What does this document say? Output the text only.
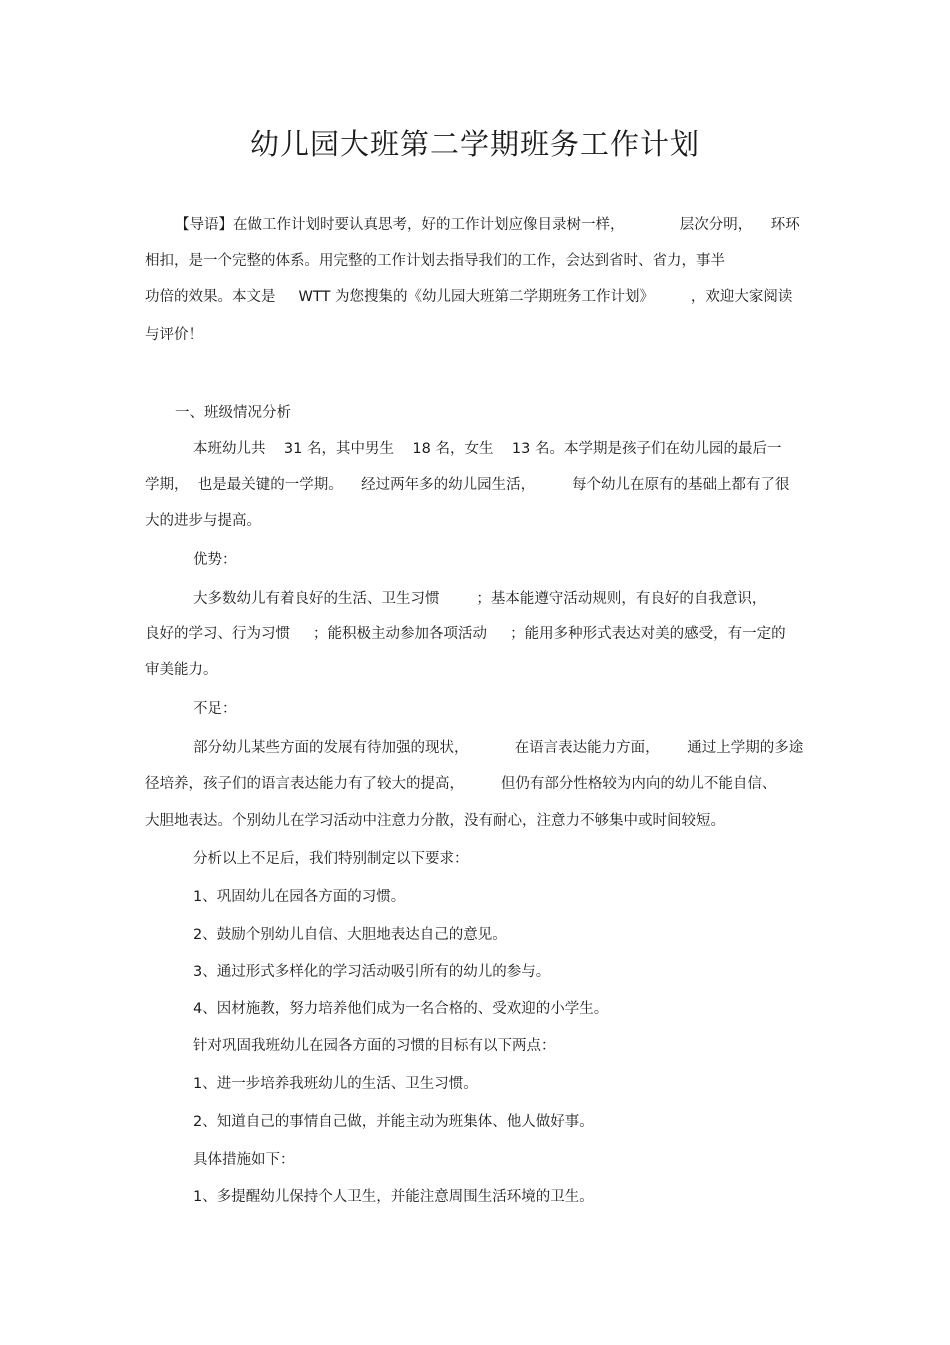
幼儿园大班第二学期班务工作计划
【导语】在做工作计划时要认真思考，好的工作计划应像目录树一样，            层次分明，    环环
相扣，是一个完整的体系。用完整的工作计划去指导我们的工作，会达到省时、省力，事半
功倍的效果。本文是     WTT 为您搜集的《幼儿园大班第二学期班务工作计划》        ，欢迎大家阅读
与评价！
一、班级情况分析
本班幼儿共    31 名，其中男生    18 名，女生    13 名。本学期是孩子们在幼儿园的最后一
学期，  也是最关键的一学期。    经过两年多的幼儿园生活，        每个幼儿在原有的基础上都有了很
大的进步与提高。
优势：
大多数幼儿有着良好的生活、卫生习惯        ；基本能遵守活动规则，有良好的自我意识，
良好的学习、行为习惯     ；能积极主动参加各项活动     ；能用多种形式表达对美的感受，有一定的
审美能力。
不足：
部分幼儿某些方面的发展有待加强的现状，          在语言表达能力方面，      通过上学期的多途
径培养，孩子们的语言表达能力有了较大的提高，        但仍有部分性格较为内向的幼儿不能自信、
大胆地表达。个别幼儿在学习活动中注意力分散，没有耐心，注意力不够集中或时间较短。
分析以上不足后，我们特别制定以下要求：
1、巩固幼儿在园各方面的习惯。
2、鼓励个别幼儿自信、大胆地表达自己的意见。
3、通过形式多样化的学习活动吸引所有的幼儿的参与。
4、因材施教，努力培养他们成为一名合格的、受欢迎的小学生。
针对巩固我班幼儿在园各方面的习惯的目标有以下两点：
1、进一步培养我班幼儿的生活、卫生习惯。
2、知道自己的事情自己做，并能主动为班集体、他人做好事。
具体措施如下：
1、多提醒幼儿保持个人卫生，并能注意周围生活环境的卫生。
